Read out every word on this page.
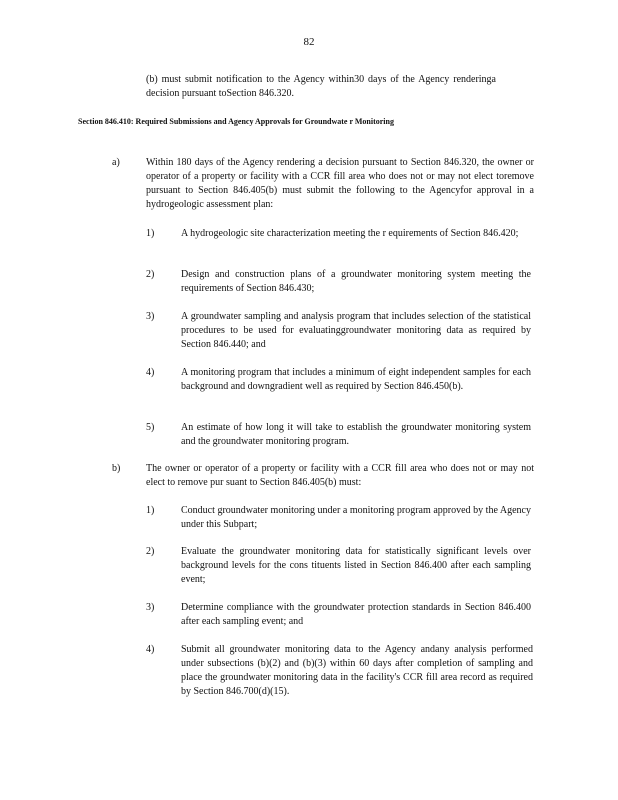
82
(b) must submit notification to the Agency within30 days of the Agency renderinga decision pursuant toSection 846.320.
Section 846.410: Required Submissions and Agency Approvals for Groundwate r Monitoring
a)	Within 180 days of the Agency rendering a decision pursuant to Section 846.320, the owner or operator of a property or facility with a CCR fill area who does not or may not elect toremove pursuant to Section 846.405(b) must submit the following to the Agencyfor approval in a hydrogeologic assessment plan:
1)	A hydrogeologic site characterization meeting the r equirements of Section 846.420;
2)	Design and construction plans of a groundwater monitoring system meeting the requirements of Section 846.430;
3)	A groundwater sampling and analysis program that includes selection of the statistical procedures to be used for evaluatinggroundwater monitoring data as required by Section 846.440; and
4)	A monitoring program that includes a minimum of eight independent samples for each background and downgradient well as required by Section 846.450(b).
5)	An estimate of how long it will take to establish the groundwater monitoring system and the groundwater monitoring program.
b)	The owner or operator of a property or facility with a CCR fill area who does not or may not elect to remove pur suant to Section 846.405(b) must:
1)	Conduct groundwater monitoring under a monitoring program approved by the Agency under this Subpart;
2)	Evaluate the groundwater monitoring data for statistically significant levels over background levels for the cons tituents listed in Section 846.400 after each sampling event;
3)	Determine compliance with the groundwater protection standards in Section 846.400 after each sampling event; and
4)	Submit all groundwater monitoring data to the Agency andany analysis performed under subsections (b)(2) and (b)(3) within 60 days after completion of sampling and place the groundwater monitoring data in the facility's CCR fill area record as required by Section 846.700(d)(15).
